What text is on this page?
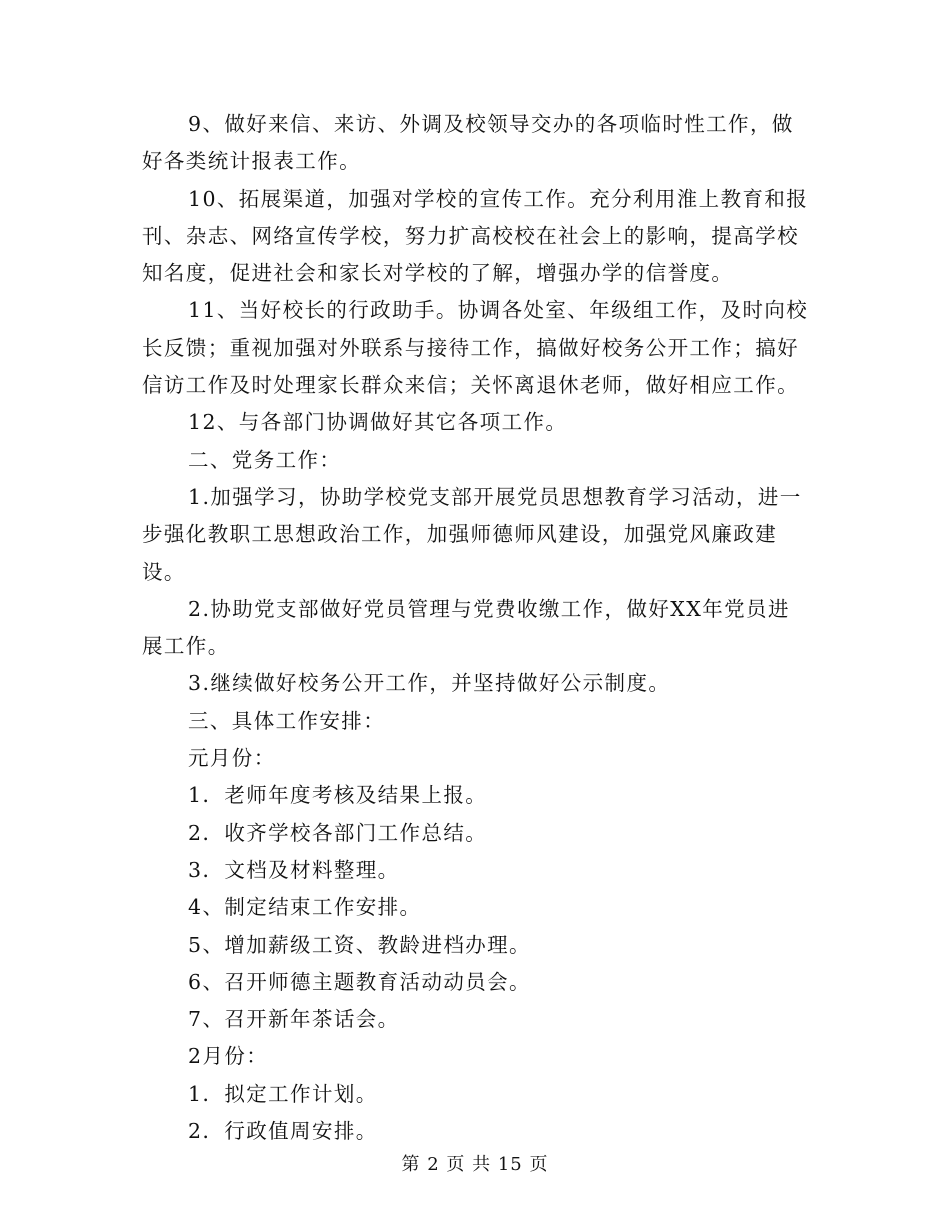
9、做好来信、来访、外调及校领导交办的各项临时性工作，做好各类统计报表工作。

10、拓展渠道，加强对学校的宣传工作。充分利用淮上教育和报刊、杂志、网络宣传学校，努力扩高校校在社会上的影响，提高学校知名度，促进社会和家长对学校的了解，增强办学的信誉度。

11、当好校长的行政助手。协调各处室、年级组工作，及时向校长反馈；重视加强对外联系与接待工作，搞做好校务公开工作；搞好信访工作及时处理家长群众来信；关怀离退休老师，做好相应工作。

12、与各部门协调做好其它各项工作。

二、党务工作：

1.加强学习，协助学校党支部开展党员思想教育学习活动，进一步强化教职工思想政治工作，加强师德师风建设，加强党风廉政建设。

2.协助党支部做好党员管理与党费收缴工作，做好XX年党员进展工作。

3.继续做好校务公开工作，并坚持做好公示制度。

三、具体工作安排：

元月份：

1．老师年度考核及结果上报。

2．收齐学校各部门工作总结。

3．文档及材料整理。

4、制定结束工作安排。

5、增加薪级工资、教龄进档办理。

6、召开师德主题教育活动动员会。

7、召开新年茶话会。

2月份：

1．拟定工作计划。

2．行政值周安排。

第 2 页 共 15 页
